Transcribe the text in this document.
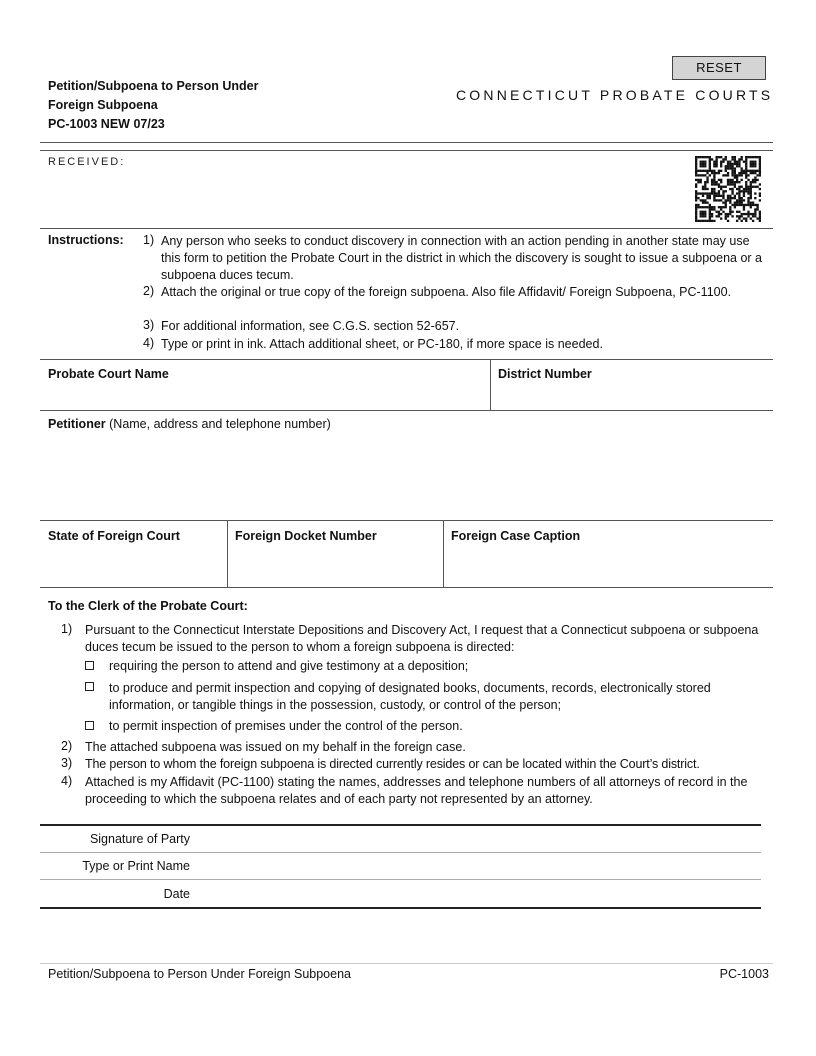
RESET
Petition/Subpoena to Person Under
Foreign Subpoena
PC-1003 NEW 07/23
CONNECTICUT PROBATE COURTS
RECEIVED:
Instructions: 1) Any person who seeks to conduct discovery in connection with an action pending in another state may use this form to petition the Probate Court in the district in which the discovery is sought to issue a subpoena or a subpoena duces tecum.
2) Attach the original or true copy of the foreign subpoena. Also file Affidavit/ Foreign Subpoena, PC-1100.
3) For additional information, see C.G.S. section 52-657.
4) Type or print in ink. Attach additional sheet, or PC-180, if more space is needed.
Probate Court Name	District Number
Petitioner (Name, address and telephone number)
State of Foreign Court	Foreign Docket Number	Foreign Case Caption
To the Clerk of the Probate Court:
1) Pursuant to the Connecticut Interstate Depositions and Discovery Act, I request that a Connecticut subpoena or subpoena duces tecum be issued to the person to whom a foreign subpoena is directed:
requiring the person to attend and give testimony at a deposition;
to produce and permit inspection and copying of designated books, documents, records, electronically stored information, or tangible things in the possession, custody, or control of the person;
to permit inspection of premises under the control of the person.
2) The attached subpoena was issued on my behalf in the foreign case.
3) The person to whom the foreign subpoena is directed currently resides or can be located within the Court’s district.
4) Attached is my Affidavit (PC-1100) stating the names, addresses and telephone numbers of all attorneys of record in the proceeding to which the subpoena relates and of each party not represented by an attorney.
Signature of Party
Type or Print Name
Date
Petition/Subpoena to Person Under Foreign Subpoena	PC-1003
